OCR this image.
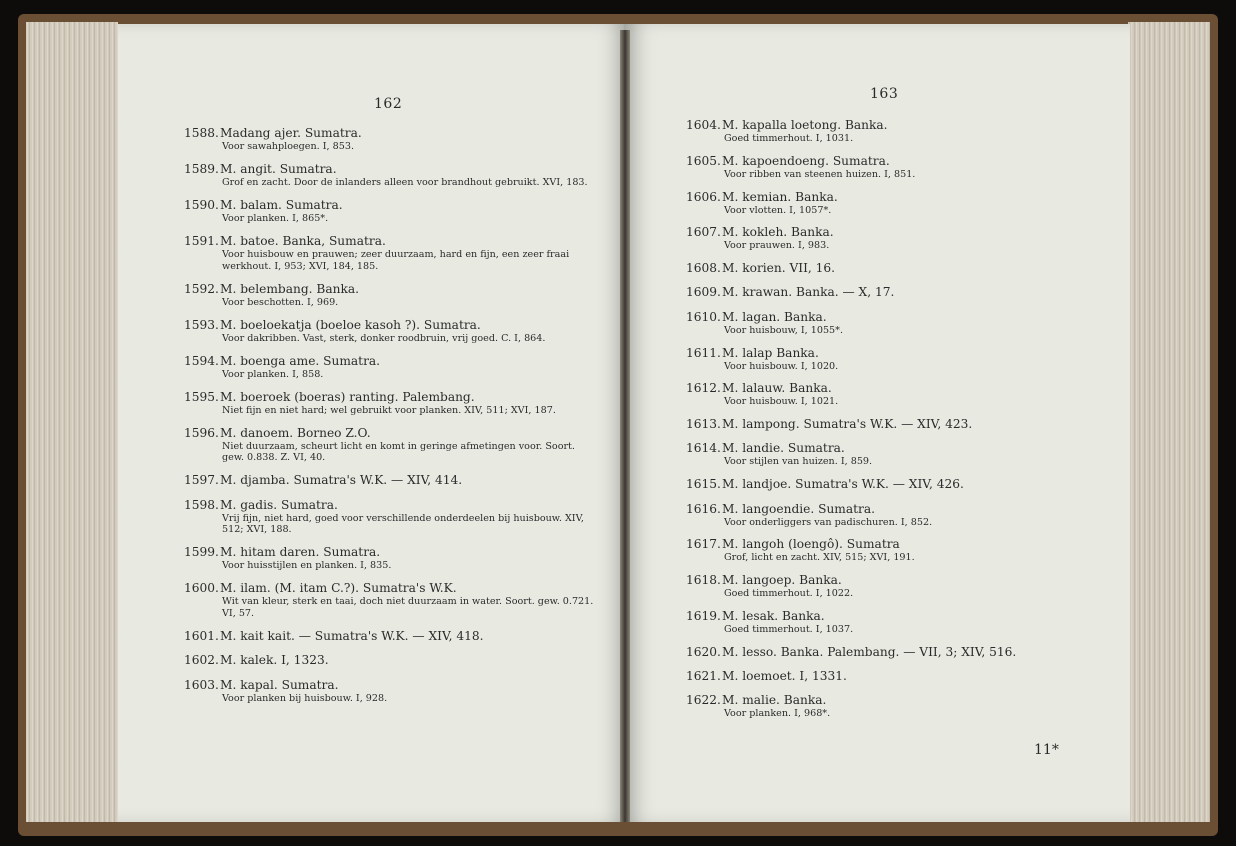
162
1588.Madang ajer. Sumatra.
Voor sawahploegen. I, 853.
1589.M. angit. Sumatra.
Grof en zacht. Door de inlanders alleen voor brandhout gebruikt. XVI, 183.
1590.M. balam. Sumatra.
Voor planken. I, 865*.
1591.M. batoe. Banka, Sumatra.
Voor huisbouw en prauwen; zeer duurzaam, hard en fijn, een zeer fraai werkhout. I, 953; XVI, 184, 185.
1592.M. belembang. Banka.
Voor beschotten. I, 969.
1593.M. boeloekatja (boeloe kasoh ?). Sumatra.
Voor dakribben. Vast, sterk, donker roodbruin, vrij goed. C. I, 864.
1594.M. boenga ame. Sumatra.
Voor planken. I, 858.
1595.M. boeroek (boeras) ranting. Palembang.
Niet fijn en niet hard; wel gebruikt voor planken. XIV, 511; XVI, 187.
1596.M. danoem. Borneo Z.O.
Niet duurzaam, scheurt licht en komt in geringe afmetingen voor. Soort. gew. 0.838. Z. VI, 40.
1597.M. djamba. Sumatra's W.K. — XIV, 414.
1598.M. gadis. Sumatra.
Vrij fijn, niet hard, goed voor verschillende onderdeelen bij huisbouw. XIV, 512; XVI, 188.
1599.M. hitam daren. Sumatra.
Voor huisstijlen en planken. I, 835.
1600.M. ilam. (M. itam C.?). Sumatra's W.K.
Wit van kleur, sterk en taai, doch niet duurzaam in water. Soort. gew. 0.721. VI, 57.
1601.M. kait kait. — Sumatra's W.K. — XIV, 418.
1602.M. kalek. I, 1323.
1603.M. kapal. Sumatra.
Voor planken bij huisbouw. I, 928.
163
1604.M. kapalla loetong. Banka.
Goed timmerhout. I, 1031.
1605.M. kapoendoeng. Sumatra.
Voor ribben van steenen huizen. I, 851.
1606.M. kemian. Banka.
Voor vlotten. I, 1057*.
1607.M. kokleh. Banka.
Voor prauwen. I, 983.
1608.M. korien. VII, 16.
1609.M. krawan. Banka. — X, 17.
1610.M. lagan. Banka.
Voor huisbouw, I, 1055*.
1611.M. lalap Banka.
Voor huisbouw. I, 1020.
1612.M. lalauw. Banka.
Voor huisbouw. I, 1021.
1613.M. lampong. Sumatra's W.K. — XIV, 423.
1614.M. landie. Sumatra.
Voor stijlen van huizen. I, 859.
1615.M. landjoe. Sumatra's W.K. — XIV, 426.
1616.M. langoendie. Sumatra.
Voor onderliggers van padischuren. I, 852.
1617.M. langoh (loengô). Sumatra
Grof, licht en zacht. XIV, 515; XVI, 191.
1618.M. langoep. Banka.
Goed timmerhout. I, 1022.
1619.M. lesak. Banka.
Goed timmerhout. I, 1037.
1620.M. lesso. Banka. Palembang. — VII, 3; XIV, 516.
1621.M. loemoet. I, 1331.
1622.M. malie. Banka.
Voor planken. I, 968*.
11*
